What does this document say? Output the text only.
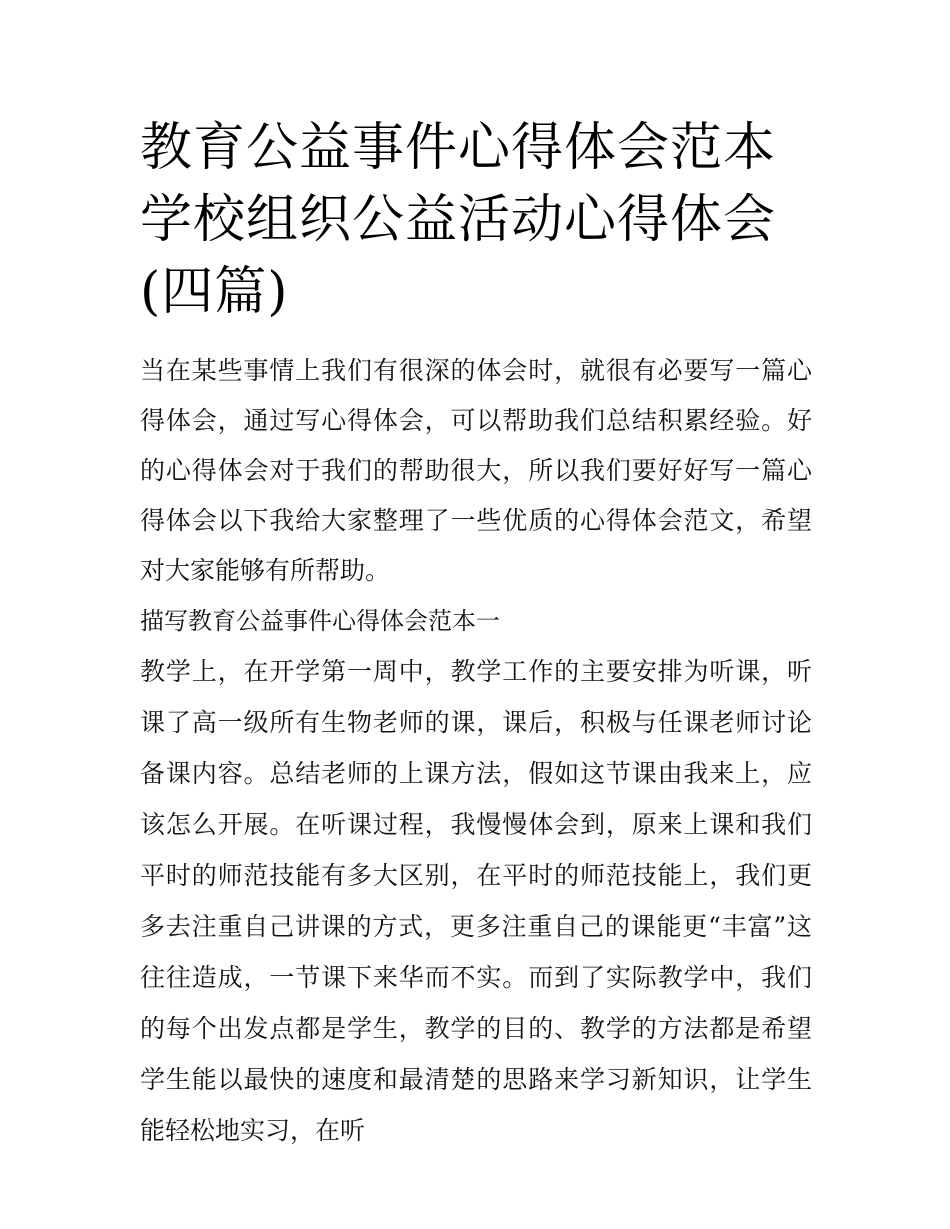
教育公益事件心得体会范本 学校组织公益活动心得体会(四篇)

当在某些事情上我们有很深的体会时，就很有必要写一篇心得体会，通过写心得体会，可以帮助我们总结积累经验。好的心得体会对于我们的帮助很大，所以我们要好好写一篇心得体会以下我给大家整理了一些优质的心得体会范文，希望对大家能够有所帮助。

描写教育公益事件心得体会范本一

教学上，在开学第一周中，教学工作的主要安排为听课，听课了高一级所有生物老师的课，课后，积极与任课老师讨论备课内容。总结老师的上课方法，假如这节课由我来上，应该怎么开展。在听课过程，我慢慢体会到，原来上课和我们平时的师范技能有多大区别，在平时的师范技能上，我们更多去注重自己讲课的方式，更多注重自己的课能更“丰富”这往往造成，一节课下来华而不实。而到了实际教学中，我们的每个出发点都是学生，教学的目的、教学的方法都是希望学生能以最快的速度和最清楚的思路来学习新知识，让学生能轻松地实习，在听
